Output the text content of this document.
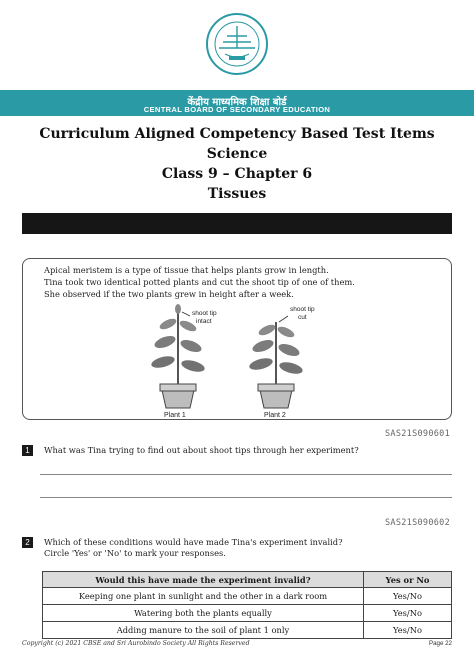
केंद्रीय माध्यमिक शिक्षा बोर्ड
CENTRAL BOARD OF SECONDARY EDUCATION
Curriculum Aligned Competency Based Test Items
Science
Class 9 – Chapter 6
Tissues
Apical meristem is a type of tissue that helps plants grow in length.
Tina took two identical potted plants and cut the shoot tip of one of them.
She observed if the two plants grew in height after a week.
shoot tip
intact
Plant 1
shoot tip
cut
Plant 2
SAS21S090601
1	What was Tina trying to find out about shoot tips through her experiment?
SAS21S090602
2	Which of these conditions would have made Tina's experiment invalid?
Circle 'Yes' or 'No' to mark your responses.
Would this have made the experiment invalid?	Yes or No
Keeping one plant in sunlight and the other in a dark room	Yes/No
Watering both the plants equally	Yes/No
Adding manure to the soil of plant 1 only	Yes/No
Copyright (c) 2021 CBSE and Sri Aurobindo Society All Rights Reserved	Page 22
